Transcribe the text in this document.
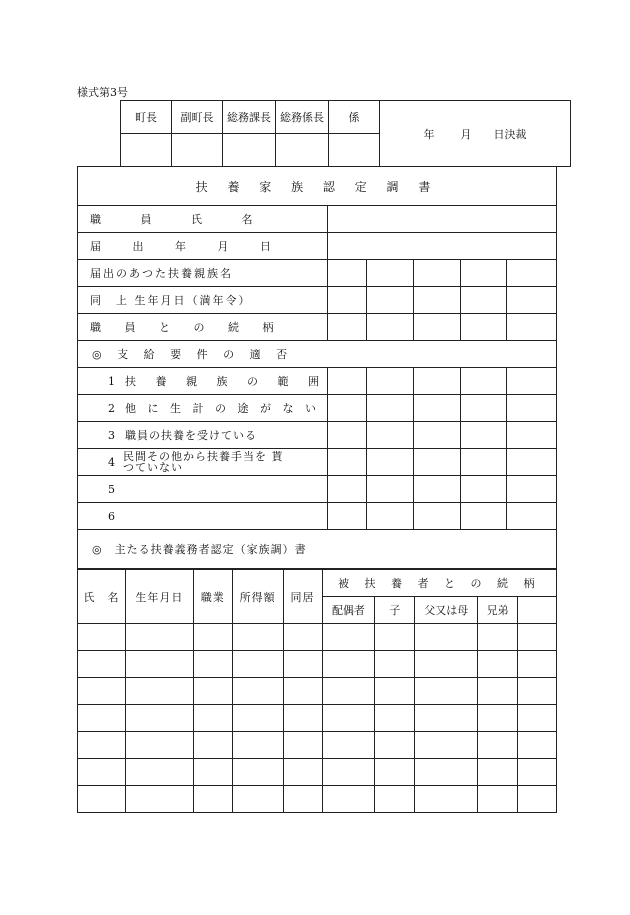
様式第3号
町長	副町長	総務課長	総務係長	係	年 月 日決裁

扶 養 家 族 認 定 調 書					
職 員 氏 名					
届 出 年 月 日					
届出のあつた扶養親族名					
同　上 生年月日（満年令）					
職 員 と の 続 柄					
◎ 支 給 要 件 の 適 否					
1 扶 養 親 族 の 範 囲					
2 他 に 生 計 の 途 が な い					
3 職員の扶養を受けている					

4 民間その他から扶養手当を 貰つていない					

5					
6					
◎　主たる扶養義務者認定（家族調）書					
氏　名	生年月日	職業	所得額	同居	被 扶 養 者 と の 続 柄				
					配偶者	子	父又は母	兄弟	
